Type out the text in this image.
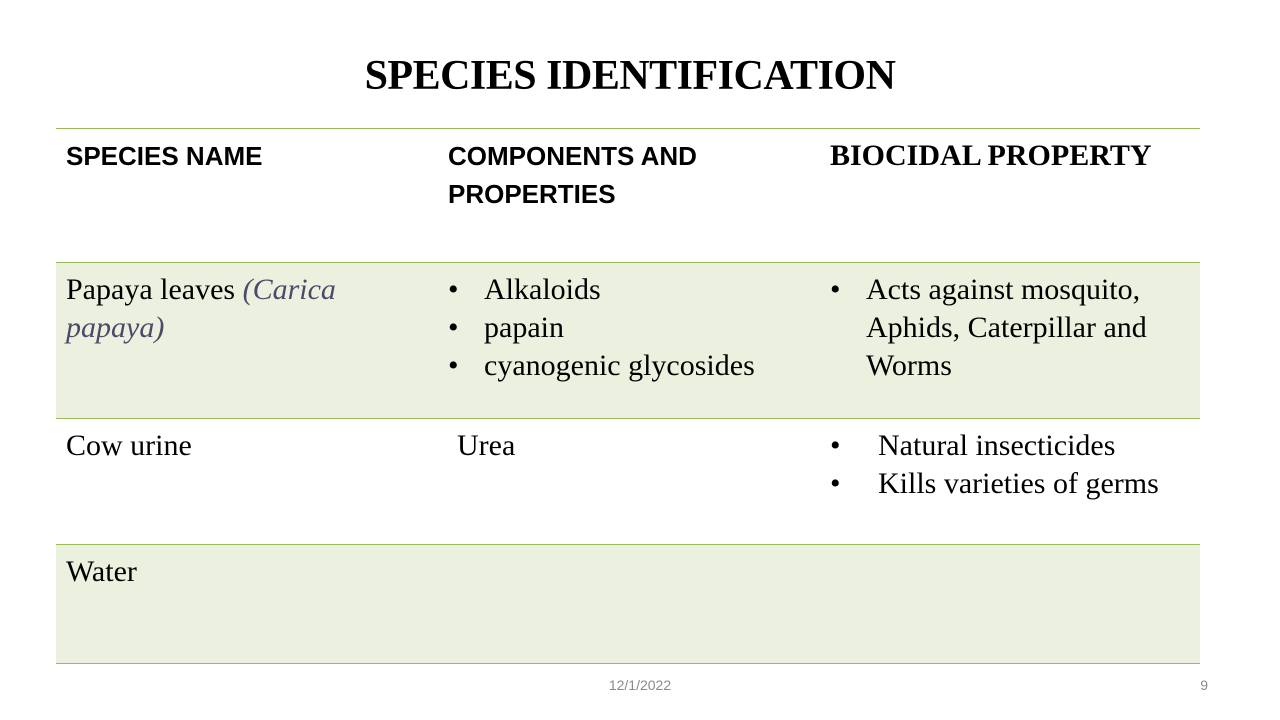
SPECIES IDENTIFICATION
SPECIES NAME	COMPONENTS AND PROPERTIES
BIOCIDAL PROPERTY
Papaya leaves (Carica papaya)
• Alkaloids
• papain
• cyanogenic glycosides
• Acts against mosquito, Aphids, Caterpillar and Worms
Cow urine	Urea
•	Natural insecticides
• Kills varieties of germs
Water
12/1/2022	9
